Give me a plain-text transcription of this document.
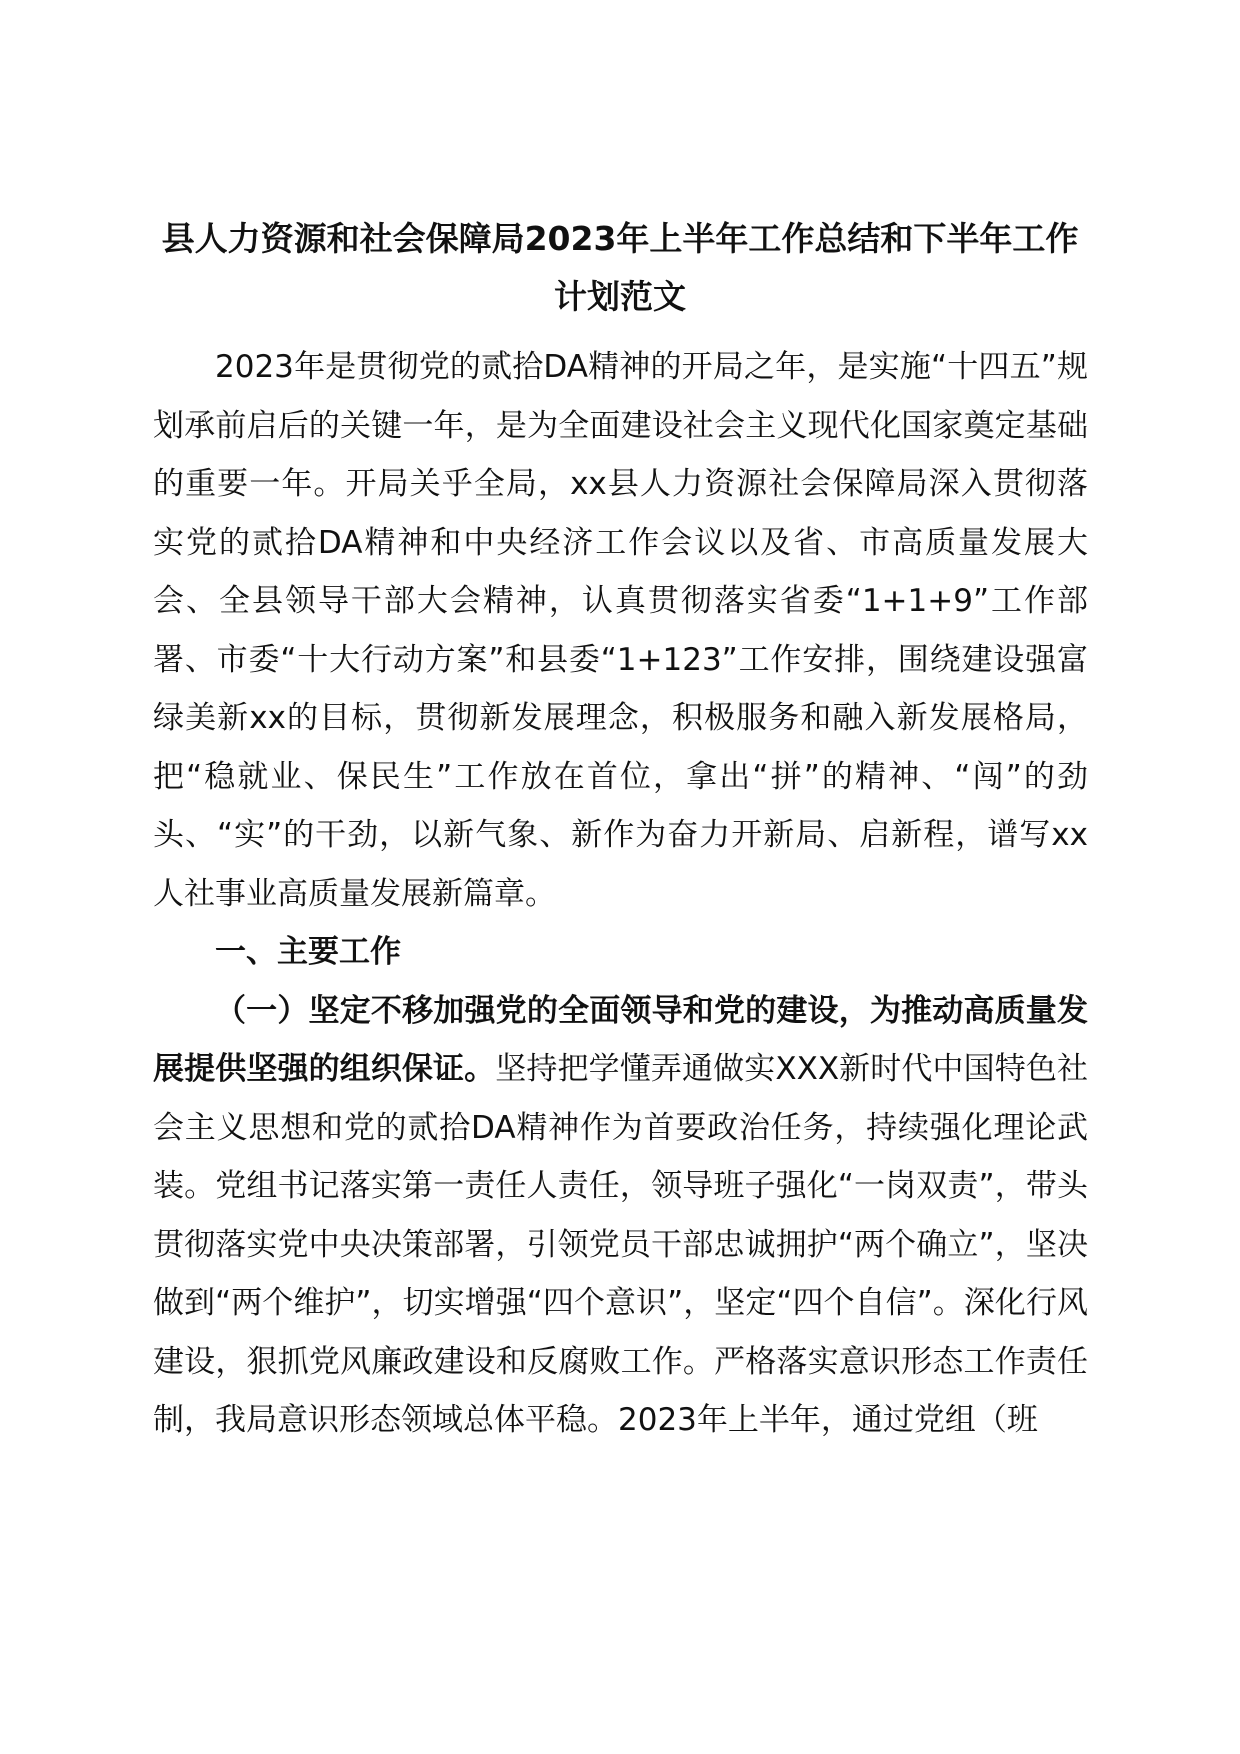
县人力资源和社会保障局2023年上半年工作总结和下半年工作计划范文

2023年是贯彻党的贰拾DA精神的开局之年，是实施“十四五”规划承前启后的关键一年，是为全面建设社会主义现代化国家奠定基础的重要一年。开局关乎全局，xx县人力资源社会保障局深入贯彻落实党的贰拾DA精神和中央经济工作会议以及省、市高质量发展大会、全县领导干部大会精神，认真贯彻落实省委“1+1+9”工作部署、市委“十大行动方案”和县委“1+123”工作安排，围绕建设强富绿美新xx的目标，贯彻新发展理念，积极服务和融入新发展格局，把“稳就业、保民生”工作放在首位，拿出“拼”的精神、“闯”的劲头、“实”的干劲，以新气象、新作为奋力开新局、启新程，谱写xx人社事业高质量发展新篇章。

一、主要工作

（一）坚定不移加强党的全面领导和党的建设，为推动高质量发展提供坚强的组织保证。坚持把学懂弄通做实XXX新时代中国特色社会主义思想和党的贰拾DA精神作为首要政治任务，持续强化理论武装。党组书记落实第一责任人责任，领导班子强化“一岗双责”，带头贯彻落实党中央决策部署，引领党员干部忠诚拥护“两个确立”，坚决做到“两个维护”，切实增强“四个意识”，坚定“四个自信”。深化行风建设，狠抓党风廉政建设和反腐败工作。严格落实意识形态工作责任制，我局意识形态领域总体平稳。2023年上半年，通过党组（班
